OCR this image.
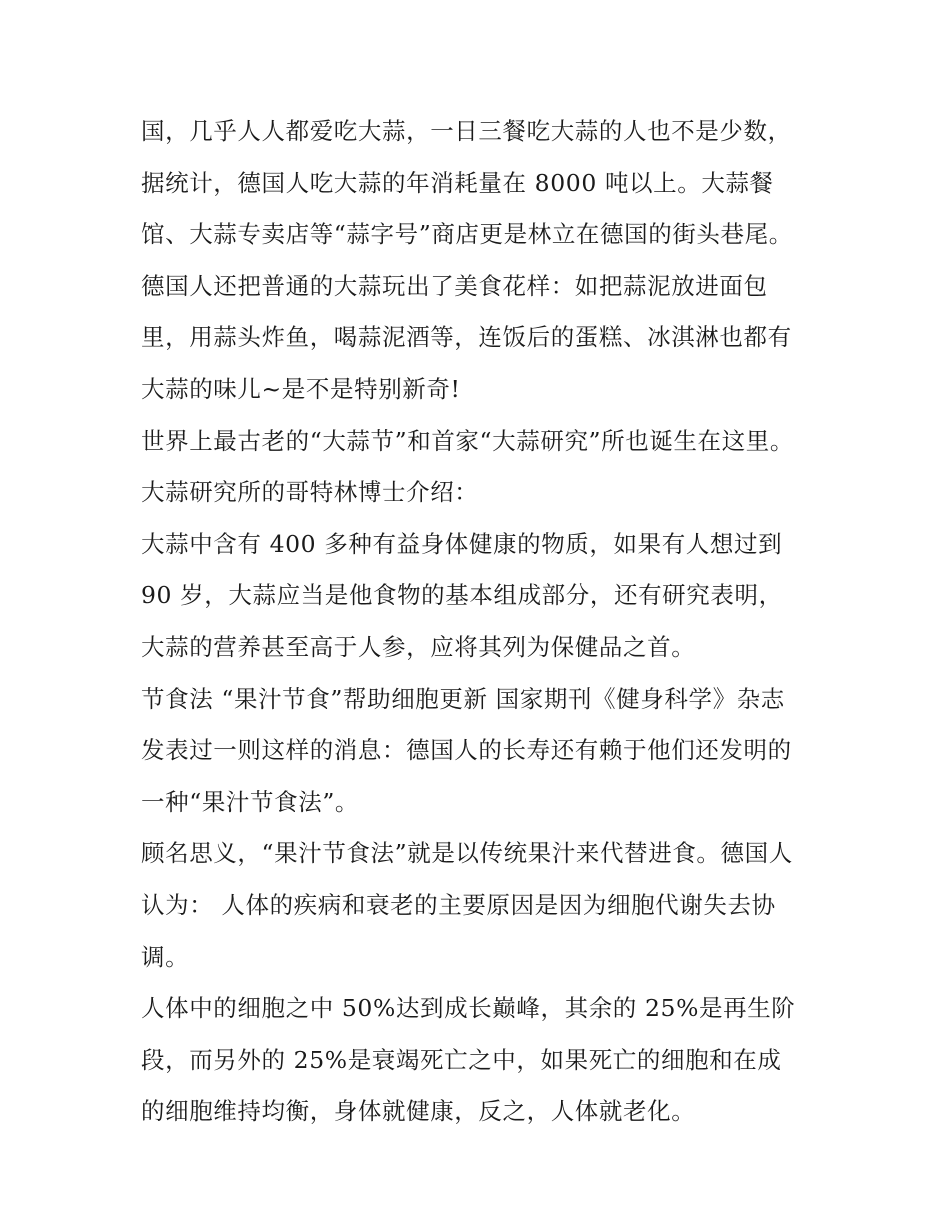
国，几乎人人都爱吃大蒜，一日三餐吃大蒜的人也不是少数，
据统计，德国人吃大蒜的年消耗量在 8000 吨以上。大蒜餐
馆、大蒜专卖店等“蒜字号”商店更是林立在德国的街头巷尾。
德国人还把普通的大蒜玩出了美食花样：如把蒜泥放进面包
里，用蒜头炸鱼，喝蒜泥酒等，连饭后的蛋糕、冰淇淋也都有
大蒜的味儿~是不是特别新奇!
世界上最古老的“大蒜节”和首家“大蒜研究”所也诞生在这里。
大蒜研究所的哥特林博士介绍：
大蒜中含有 400 多种有益身体健康的物质，如果有人想过到
90 岁，大蒜应当是他食物的基本组成部分，还有研究表明，
大蒜的营养甚至高于人参，应将其列为保健品之首。
节食法 “果汁节食”帮助细胞更新 国家期刊《健身科学》杂志
发表过一则这样的消息：德国人的长寿还有赖于他们还发明的
一种“果汁节食法”。
顾名思义，“果汁节食法”就是以传统果汁来代替进食。德国人
认为： 人体的疾病和衰老的主要原因是因为细胞代谢失去协
调。
人体中的细胞之中 50%达到成长巅峰，其余的 25%是再生阶
段，而另外的 25%是衰竭死亡之中，如果死亡的细胞和在成
的细胞维持均衡，身体就健康，反之，人体就老化。
